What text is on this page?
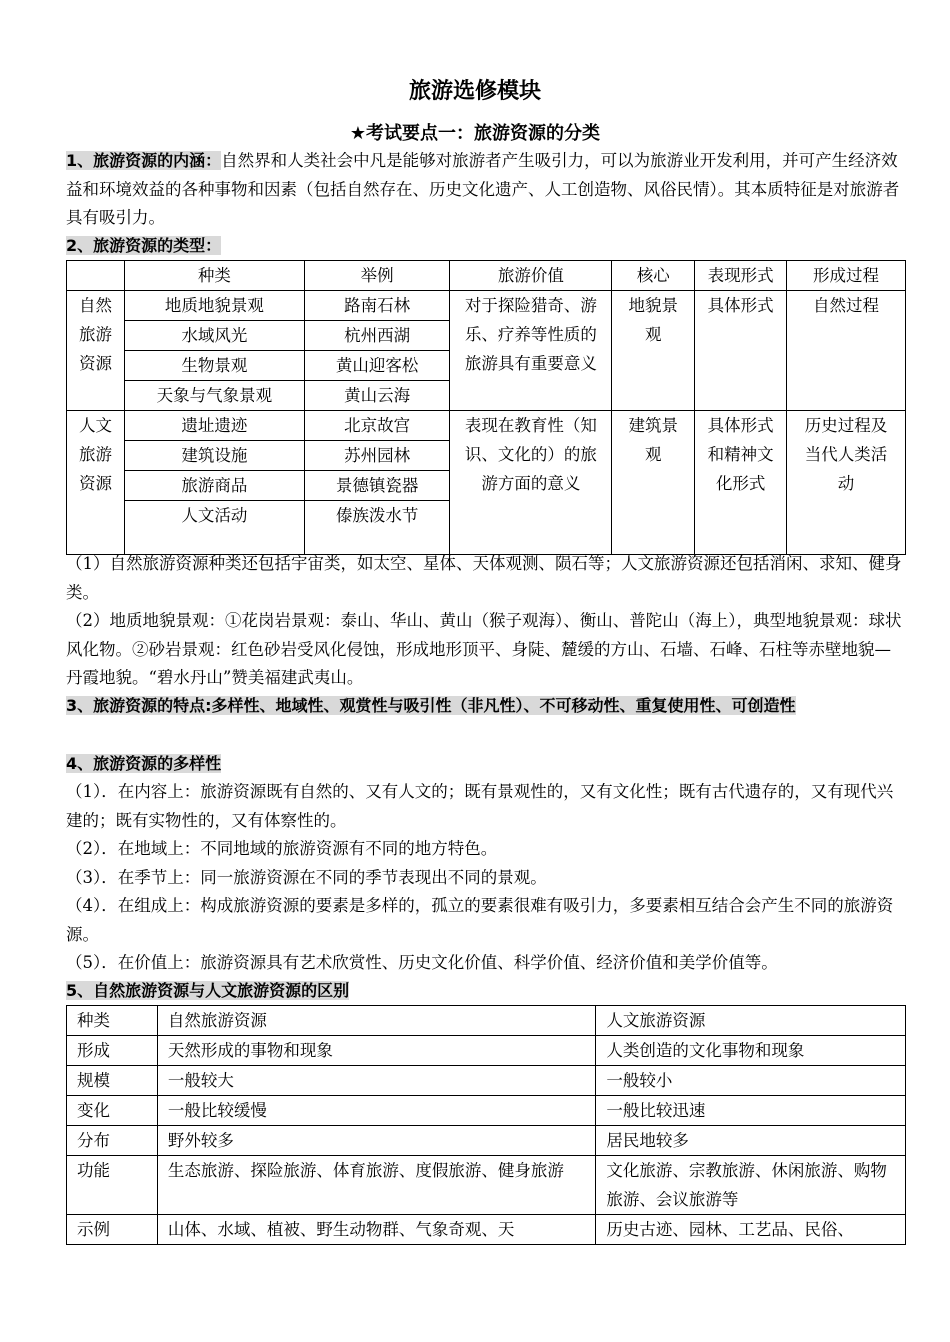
旅游选修模块
★考试要点一：旅游资源的分类
1、旅游资源的内涵：自然界和人类社会中凡是能够对旅游者产生吸引力，可以为旅游业开发利用，并可产生经济效益和环境效益的各种事物和因素（包括自然存在、历史文化遗产、人工创造物、风俗民情）。其本质特征是对旅游者具有吸引力。
2、旅游资源的类型：
	种类	举例	旅游价值	核心	表现形式	形成过程
自然旅游资源	地质地貌景观	路南石林	对于探险猎奇、游乐、疗养等性质的旅游具有重要意义	地貌景观	具体形式	自然过程
	水域风光	杭州西湖				
	生物景观	黄山迎客松				
	天象与气象景观	黄山云海				
人文旅游资源	遗址遗迹	北京故宫	表现在教育性（知识、文化的）的旅游方面的意义	建筑景观	具体形式和精神文化形式	历史过程及当代人类活动
	建筑设施	苏州园林				
	旅游商品	景德镇瓷器				
	人文活动	傣族泼水节				
（1）自然旅游资源种类还包括宇宙类，如太空、星体、天体观测、陨石等；人文旅游资源还包括消闲、求知、健身类。
（2）地质地貌景观：①花岗岩景观：泰山、华山、黄山（猴子观海）、衡山、普陀山（海上），典型地貌景观：球状风化物。②砂岩景观：红色砂岩受风化侵蚀，形成地形顶平、身陡、麓缓的方山、石墙、石峰、石柱等赤壁地貌—丹霞地貌。“碧水丹山”赞美福建武夷山。
3、旅游资源的特点:多样性、地域性、观赏性与吸引性（非凡性）、不可移动性、重复使用性、可创造性
4、旅游资源的多样性
（1）．在内容上：旅游资源既有自然的、又有人文的；既有景观性的，又有文化性；既有古代遗存的，又有现代兴建的；既有实物性的，又有体察性的。
（2）．在地域上：不同地域的旅游资源有不同的地方特色。
（3）．在季节上：同一旅游资源在不同的季节表现出不同的景观。
（4）．在组成上：构成旅游资源的要素是多样的，孤立的要素很难有吸引力，多要素相互结合会产生不同的旅游资源。
（5）．在价值上：旅游资源具有艺术欣赏性、历史文化价值、科学价值、经济价值和美学价值等。
5、自然旅游资源与人文旅游资源的区别
种类	自然旅游资源	人文旅游资源
形成	天然形成的事物和现象	人类创造的文化事物和现象
规模	一般较大	一般较小
变化	一般比较缓慢	一般比较迅速
分布	野外较多	居民地较多
功能	生态旅游、探险旅游、体育旅游、度假旅游、健身旅游	文化旅游、宗教旅游、休闲旅游、购物旅游、会议旅游等
示例	山体、水域、植被、野生动物群、气象奇观、天	历史古迹、园林、工艺品、民俗、
